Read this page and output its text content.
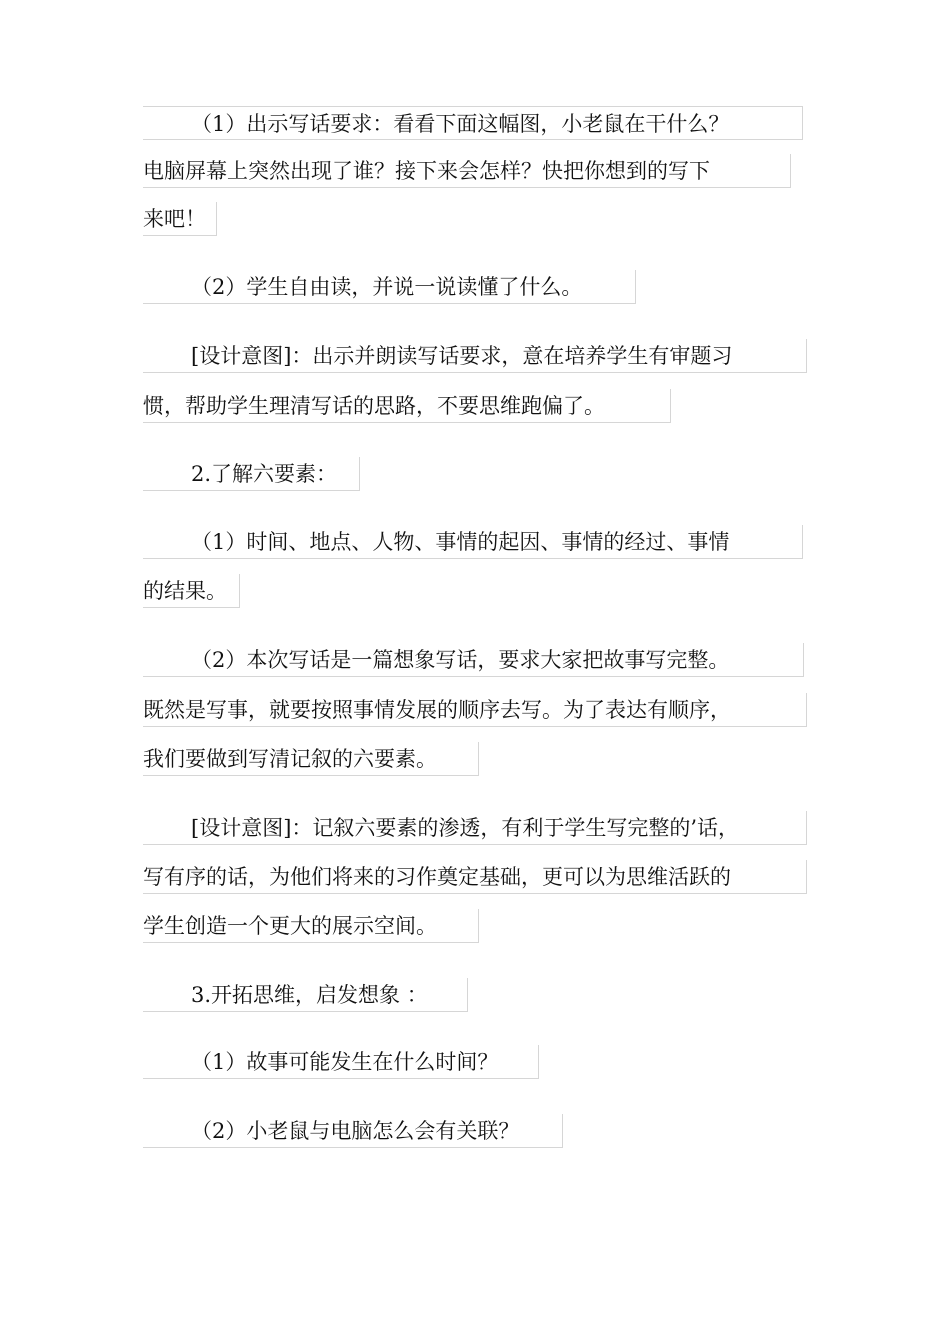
（1）出示写话要求：看看下面这幅图，小老鼠在干什么？
电脑屏幕上突然出现了谁？接下来会怎样？快把你想到的写下
来吧！
（2）学生自由读，并说一说读懂了什么。
[设计意图]：出示并朗读写话要求，意在培养学生有审题习
惯，帮助学生理清写话的思路，不要思维跑偏了。
2.了解六要素：
（1）时间、地点、人物、事情的起因、事情的经过、事情
的结果。
（2）本次写话是一篇想象写话，要求大家把故事写完整。
既然是写事，就要按照事情发展的顺序去写。为了表达有顺序，
我们要做到写清记叙的六要素。
[设计意图]：记叙六要素的渗透，有利于学生写完整的’话，
写有序的话，为他们将来的习作奠定基础，更可以为思维活跃的
学生创造一个更大的展示空间。
3.开拓思维，启发想象 ：
（1）故事可能发生在什么时间？
（2）小老鼠与电脑怎么会有关联？
